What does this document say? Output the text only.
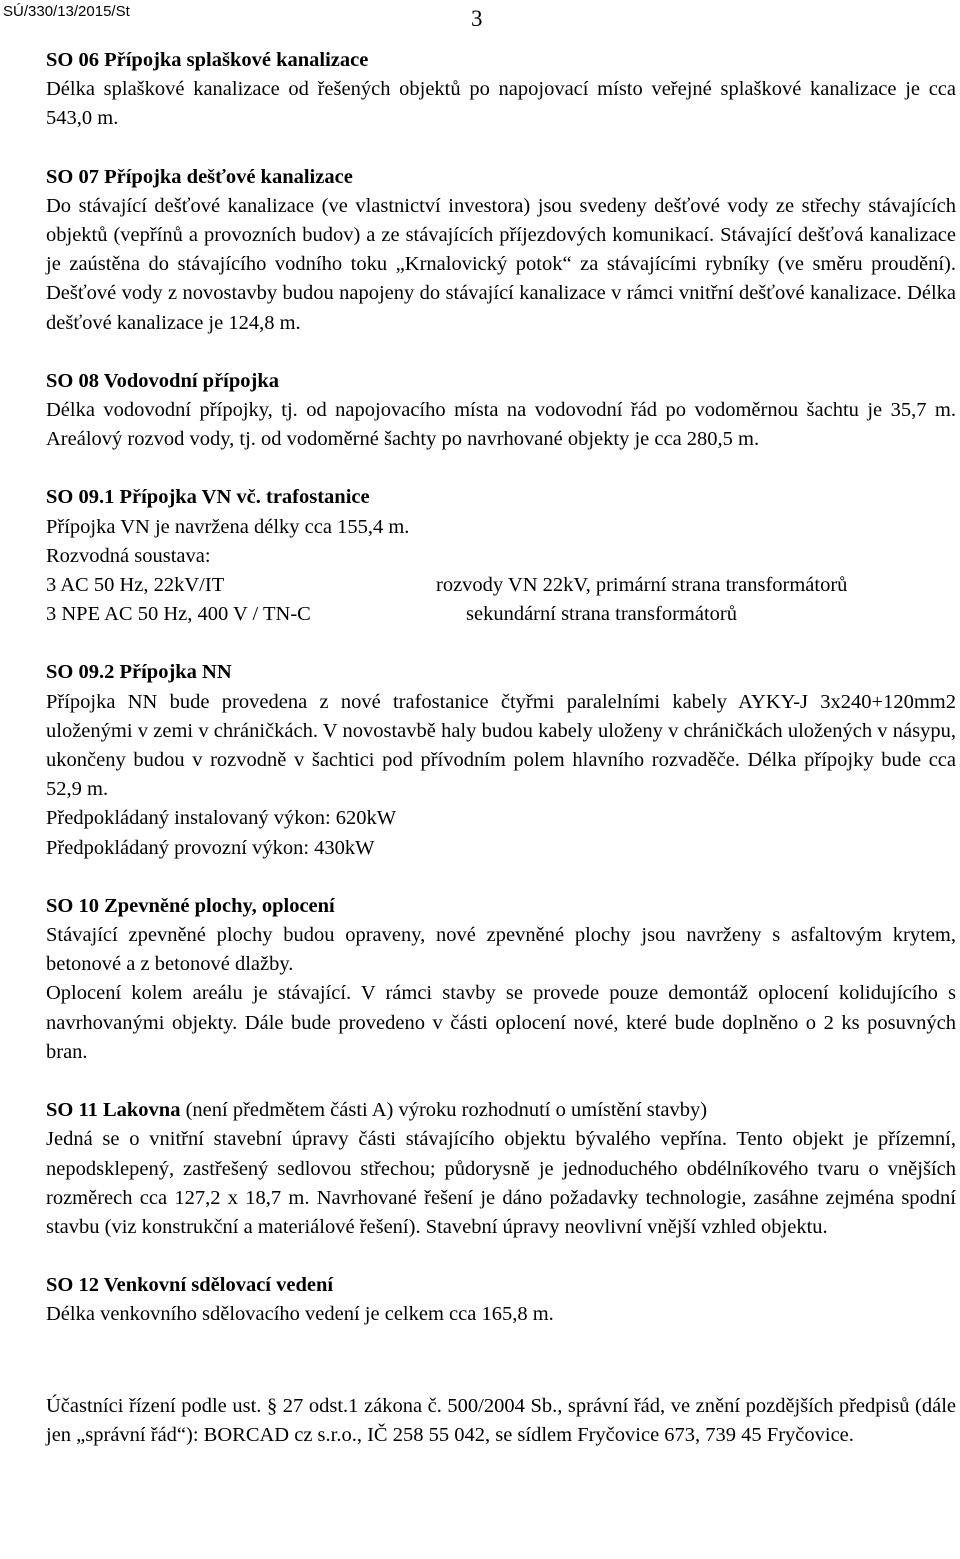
SÚ/330/13/2015/St	3
SO 06 Přípojka splaškové kanalizace

Délka splaškové kanalizace od řešených objektů po napojovací místo veřejné splaškové kanalizace je cca 543,0 m.

SO 07 Přípojka dešťové kanalizace

Do stávající dešťové kanalizace (ve vlastnictví investora) jsou svedeny dešťové vody ze střechy stávajících objektů (vepřínů a provozních budov) a ze stávajících příjezdových komunikací. Stávající dešťová kanalizace je zaústěna do stávajícího vodního toku „Krnalovický potok“ za stávajícími rybníky (ve směru proudění). Dešťové vody z novostavby budou napojeny do stávající kanalizace v rámci vnitřní dešťové kanalizace. Délka dešťové kanalizace je 124,8 m.

SO 08 Vodovodní přípojka

Délka vodovodní přípojky, tj. od napojovacího místa na vodovodní řád po vodoměrnou šachtu je 35,7 m. Areálový rozvod vody, tj. od vodoměrné šachty po navrhované objekty je cca 280,5 m.

SO 09.1 Přípojka VN vč. trafostanice

Přípojka VN je navržena délky cca 155,4 m.

Rozvodná soustava:

3 AC 50 Hz, 22kV/IT	rozvody VN 22kV, primární strana transformátorů
3 NPE AC 50 Hz, 400 V / TN-C	sekundární strana transformátorů
SO 09.2 Přípojka NN

Přípojka NN bude provedena z nové trafostanice čtyřmi paralelními kabely AYKY-J 3x240+120mm2 uloženými v zemi v chráničkách. V novostavbě haly budou kabely uloženy v chráničkách uložených v násypu, ukončeny budou v rozvodně v šachtici pod přívodním polem hlavního rozvaděče. Délka přípojky bude cca 52,9 m.

Předpokládaný instalovaný výkon: 620kW

Předpokládaný provozní výkon: 430kW

SO 10 Zpevněné plochy, oplocení

Stávající zpevněné plochy budou opraveny, nové zpevněné plochy jsou navrženy s asfaltovým krytem, betonové a z betonové dlažby.

Oplocení kolem areálu je stávající. V rámci stavby se provede pouze demontáž oplocení kolidujícího s navrhovanými objekty. Dále bude provedeno v části oplocení nové, které bude doplněno o 2 ks posuvných bran.

SO 11 Lakovna (není předmětem části A) výroku rozhodnutí o umístění stavby)

Jedná se o vnitřní stavební úpravy části stávajícího objektu bývalého vepřína. Tento objekt je přízemní, nepodsklepený, zastřešený sedlovou střechou; půdorysně je jednoduchého obdélníkového tvaru o vnějších rozměrech cca 127,2 x 18,7 m. Navrhované řešení je dáno požadavky technologie, zasáhne zejména spodní stavbu (viz konstrukční a materiálové řešení). Stavební úpravy neovlivní vnější vzhled objektu.

SO 12 Venkovní sdělovací vedení

Délka venkovního sdělovacího vedení je celkem cca 165,8 m.

Účastníci řízení podle ust. § 27 odst.1 zákona č. 500/2004 Sb., správní řád, ve znění pozdějších předpisů (dále jen „správní řád“): BORCAD cz s.r.o., IČ 258 55 042, se sídlem Fryčovice 673, 739 45 Fryčovice.
